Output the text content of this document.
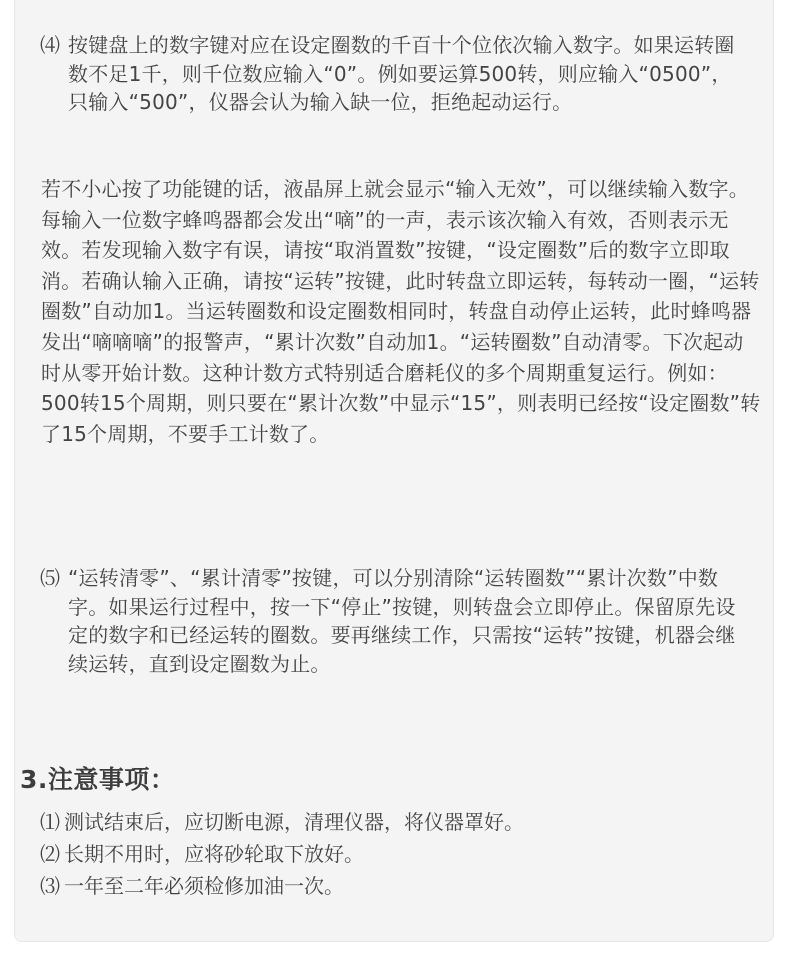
⑷ 按键盘上的数字键对应在设定圈数的千百十个位依次输入数字。如果运转圈数不足1千，则千位数应输入“0”。例如要运算500转，则应输入“0500”，只输入“500”，仪器会认为输入缺一位，拒绝起动运行。
若不小心按了功能键的话，液晶屏上就会显示“输入无效”，可以继续输入数字。每输入一位数字蜂鸣器都会发出“嘀”的一声，表示该次输入有效，否则表示无效。若发现输入数字有误，请按“取消置数”按键，“设定圈数”后的数字立即取消。若确认输入正确，请按“运转”按键，此时转盘立即运转，每转动一圈，“运转圈数”自动加1。当运转圈数和设定圈数相同时，转盘自动停止运转，此时蜂鸣器发出“嘀嘀嘀”的报警声，“累计次数”自动加1。“运转圈数”自动清零。下次起动时从零开始计数。这种计数方式特别适合磨耗仪的多个周期重复运行。例如：500转15个周期，则只要在“累计次数”中显示“15”，则表明已经按“设定圈数”转了15个周期，不要手工计数了。
⑸ “运转清零”、“累计清零”按键，可以分别清除“运转圈数”“累计次数”中数字。如果运行过程中，按一下“停止”按键，则转盘会立即停止。保留原先设定的数字和已经运转的圈数。要再继续工作，只需按“运转”按键，机器会继续运转，直到设定圈数为止。
3.注意事项：
⑴ 测试结束后，应切断电源，清理仪器，将仪器罩好。
⑵ 长期不用时，应将砂轮取下放好。
⑶ 一年至二年必须检修加油一次。
